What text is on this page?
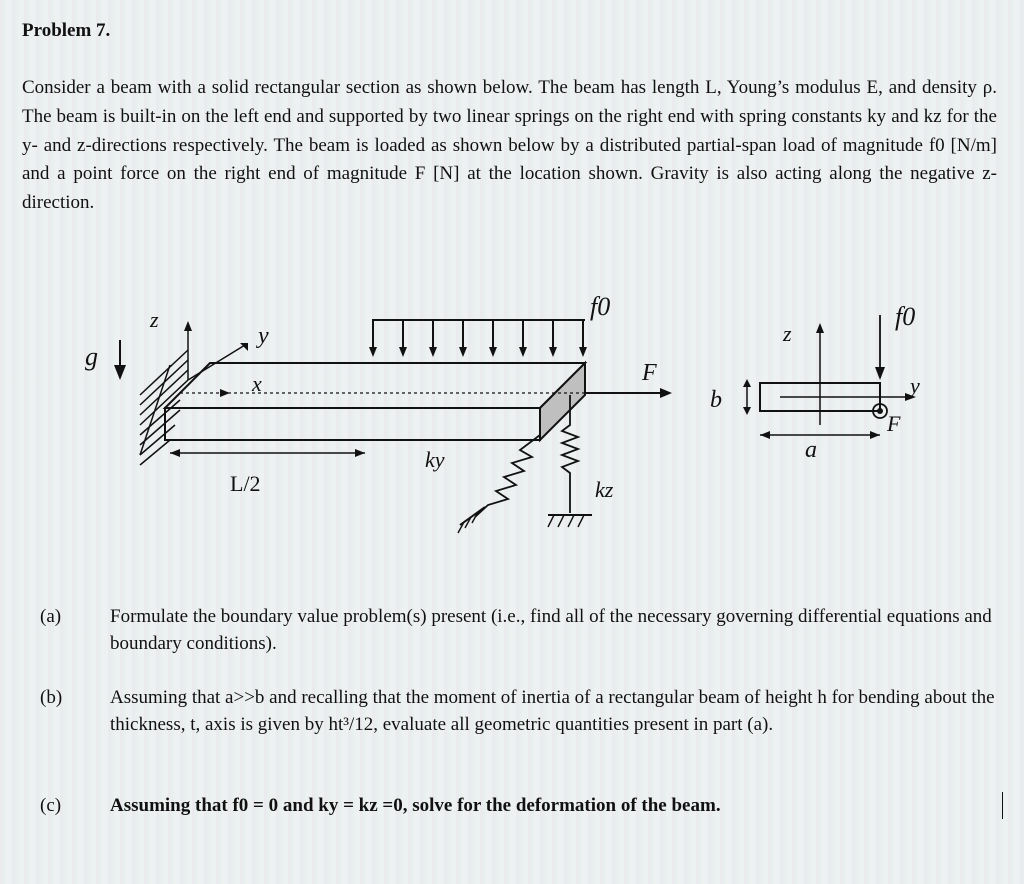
Problem 7.

Consider a beam with a solid rectangular section as shown below. The beam has length L, Young’s modulus E, and density ρ. The beam is built-in on the left end and supported by two linear springs on the right end with spring constants ky and kz for the y- and z-directions respectively. The beam is loaded as shown below by a distributed partial-span load of magnitude f0 [N/m] and a point force on the right end of magnitude F [N] at the location shown. Gravity is also acting along the negative z-direction.

g
z
y
x
f0
F
L/2
ky
kz
z
f0
y
b
F
a
(a)	Formulate the boundary value problem(s) present (i.e., find all of the necessary governing differential equations and boundary conditions).
(b)	Assuming that a>>b and recalling that the moment of inertia of a rectangular beam of height h for bending about the thickness, t, axis is given by ht³/12, evaluate all geometric quantities present in part (a).
(c)	Assuming that f0 = 0 and ky = kz =0, solve for the deformation of the beam.
